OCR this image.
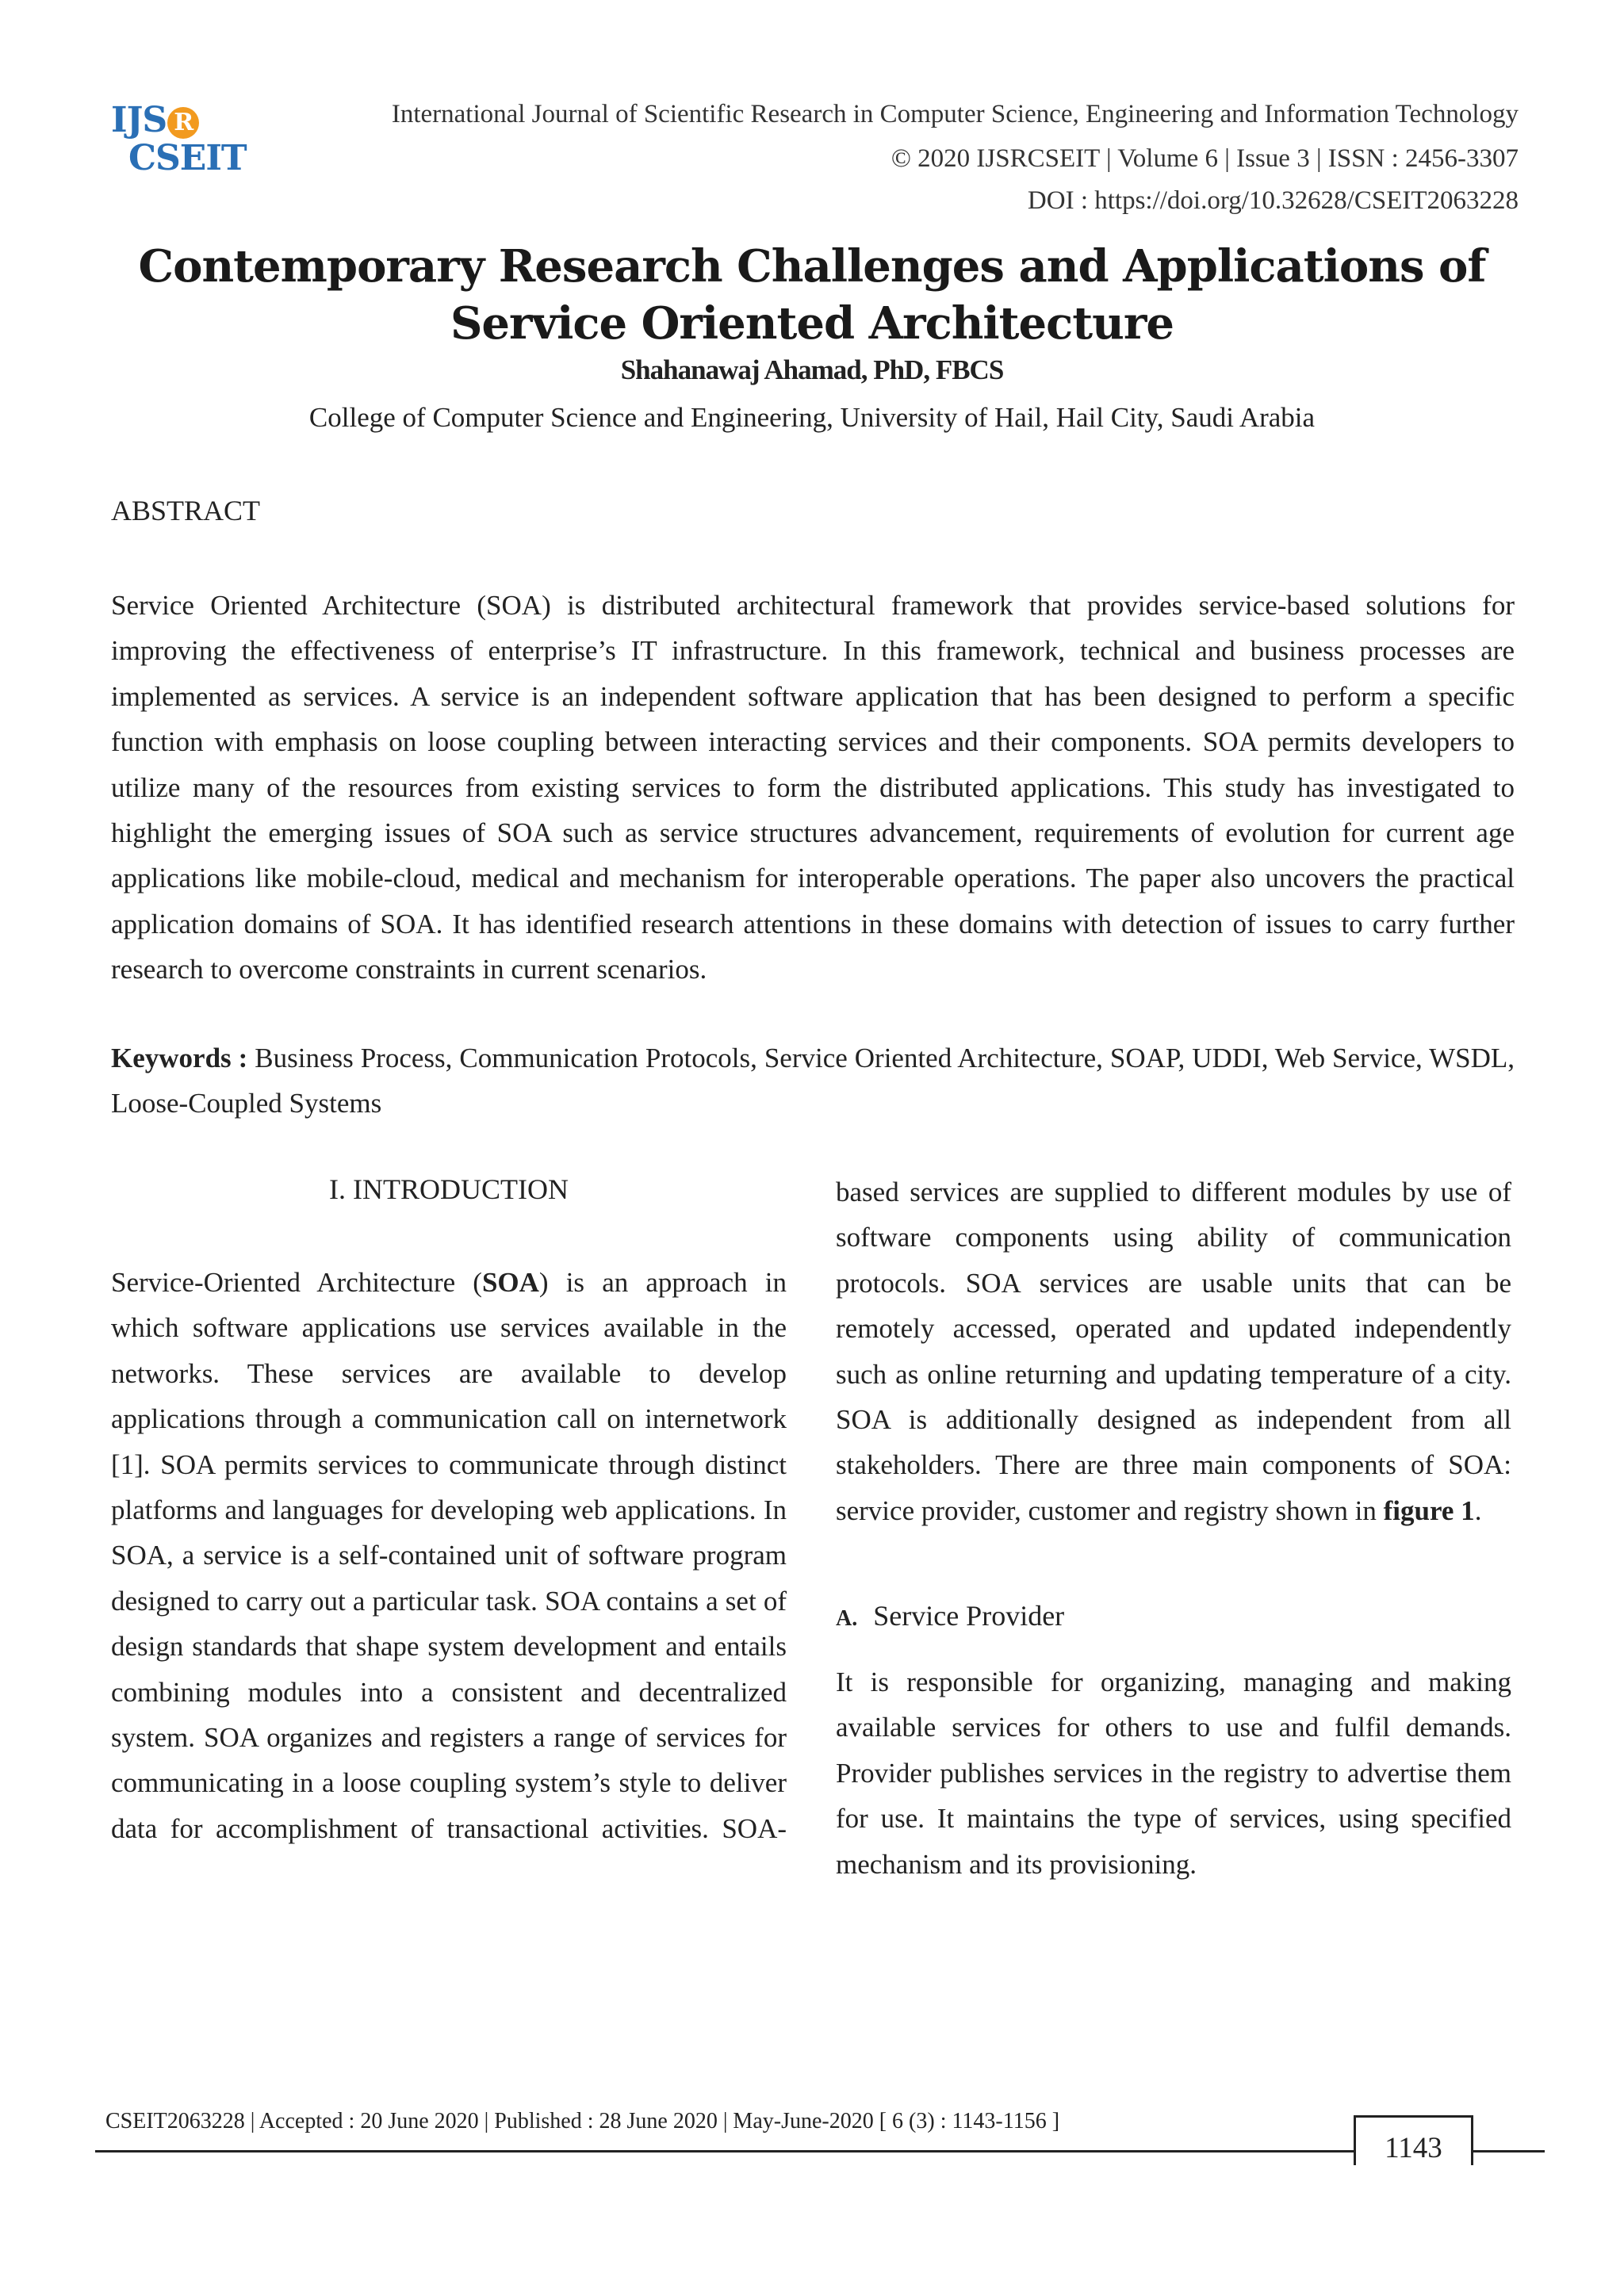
IJS R
CSEIT
International Journal of Scientific Research in Computer Science, Engineering and Information Technology
© 2020 IJSRCSEIT | Volume 6 | Issue 3 | ISSN : 2456-3307
DOI : https://doi.org/10.32628/CSEIT2063228
Contemporary Research Challenges and Applications of
Service Oriented Architecture
Shahanawaj Ahamad, PhD, FBCS
College of Computer Science and Engineering, University of Hail, Hail City, Saudi Arabia
ABSTRACT
Service Oriented Architecture (SOA) is distributed architectural framework that provides service-based solutions for improving the effectiveness of enterprise’s IT infrastructure. In this framework, technical and business processes are implemented as services. A service is an independent software application that has been designed to perform a specific function with emphasis on loose coupling between interacting services and their components. SOA permits developers to utilize many of the resources from existing services to form the distributed applications. This study has investigated to highlight the emerging issues of SOA such as service structures advancement, requirements of evolution for current age applications like mobile-cloud, medical and mechanism for interoperable operations. The paper also uncovers the practical application domains of SOA. It has identified research attentions in these domains with detection of issues to carry further research to overcome constraints in current scenarios.
Keywords : Business Process, Communication Protocols, Service Oriented Architecture, SOAP, UDDI, Web Service, WSDL, Loose-Coupled Systems
I. INTRODUCTION
Service-Oriented Architecture (SOA) is an approach in which software applications use services available in the networks. These services are available to develop applications through a communication call on internetwork [1]. SOA permits services to communicate through distinct platforms and languages for developing web applications. In SOA, a service is a self-contained unit of software program designed to carry out a particular task. SOA contains a set of design standards that shape system development and entails combining modules into a consistent and decentralized system. SOA organizes and registers a range of services for communicating in a loose coupling system’s style to deliver data for accomplishment of transactional activities. SOA-
based services are supplied to different modules by use of software components using ability of communication protocols. SOA services are usable units that can be remotely accessed, operated and updated independently such as online returning and updating temperature of a city. SOA is additionally designed as independent from all stakeholders. There are three main components of SOA: service provider, customer and registry shown in figure 1.
A. Service Provider
It is responsible for organizing, managing and making available services for others to use and fulfil demands. Provider publishes services in the registry to advertise them for use. It maintains the type of services, using specified mechanism and its provisioning.
CSEIT2063228 | Accepted : 20 June 2020 | Published : 28 June 2020 | May-June-2020 [ 6 (3) : 1143-1156 ]
1143
